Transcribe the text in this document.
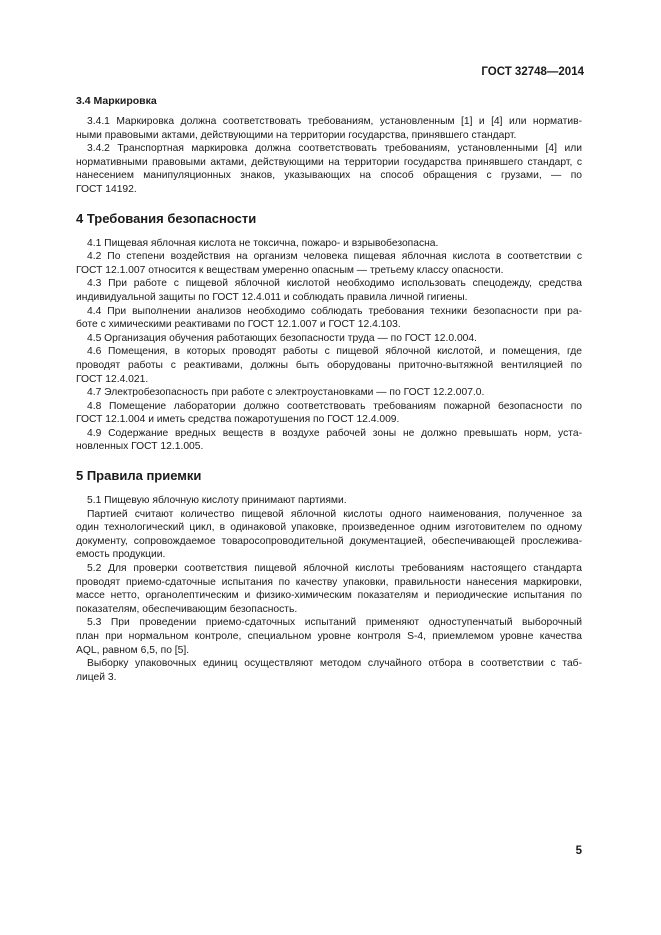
ГОСТ 32748—2014
3.4 Маркировка
3.4.1 Маркировка должна соответствовать требованиям, установленным [1] и [4] или норматив-
ными правовыми актами, действующими на территории государства, принявшего стандарт.
3.4.2 Транспортная маркировка должна соответствовать требованиям, установленными [4] или
нормативными правовыми актами, действующими на территории государства принявшего стандарт, с
нанесением манипуляционных знаков, указывающих на способ обращения с грузами, — по
ГОСТ 14192.
4 Требования безопасности
4.1 Пищевая яблочная кислота не токсична, пожаро- и взрывобезопасна.
4.2 По степени воздействия на организм человека пищевая яблочная кислота в соответствии с
ГОСТ 12.1.007 относится к веществам умеренно опасным — третьему классу опасности.
4.3 При работе с пищевой яблочной кислотой необходимо использовать спецодежду, средства
индивидуальной защиты по ГОСТ 12.4.011 и соблюдать правила личной гигиены.
4.4 При выполнении анализов необходимо соблюдать требования техники безопасности при ра-
боте с химическими реактивами по ГОСТ 12.1.007 и ГОСТ 12.4.103.
4.5 Организация обучения работающих безопасности труда — по ГОСТ 12.0.004.
4.6 Помещения, в которых проводят работы с пищевой яблочной кислотой, и помещения, где
проводят работы с реактивами, должны быть оборудованы приточно-вытяжной вентиляцией по
ГОСТ 12.4.021.
4.7 Электробезопасность при работе с электроустановками — по ГОСТ 12.2.007.0.
4.8 Помещение лаборатории должно соответствовать требованиям пожарной безопасности по
ГОСТ 12.1.004 и иметь средства пожаротушения по ГОСТ 12.4.009.
4.9 Содержание вредных веществ в воздухе рабочей зоны не должно превышать норм, уста-
новленных ГОСТ 12.1.005.
5 Правила приемки
5.1 Пищевую яблочную кислоту принимают партиями.
Партией считают количество пищевой яблочной кислоты одного наименования, полученное за
один технологический цикл, в одинаковой упаковке, произведенное одним изготовителем по одному
документу, сопровождаемое товаросопроводительной документацией, обеспечивающей прослежива-
емость продукции.
5.2 Для проверки соответствия пищевой яблочной кислоты требованиям настоящего стандарта
проводят приемо-сдаточные испытания по качеству упаковки, правильности нанесения маркировки,
массе нетто, органолептическим и физико-химическим показателям и периодические испытания по
показателям, обеспечивающим безопасность.
5.3 При проведении приемо-сдаточных испытаний применяют одноступенчатый выборочный
план при нормальном контроле, специальном уровне контроля S-4, приемлемом уровне качества
AQL, равном 6,5, по [5].
Выборку упаковочных единиц осуществляют методом случайного отбора в соответствии с таб-
лицей 3.
5
